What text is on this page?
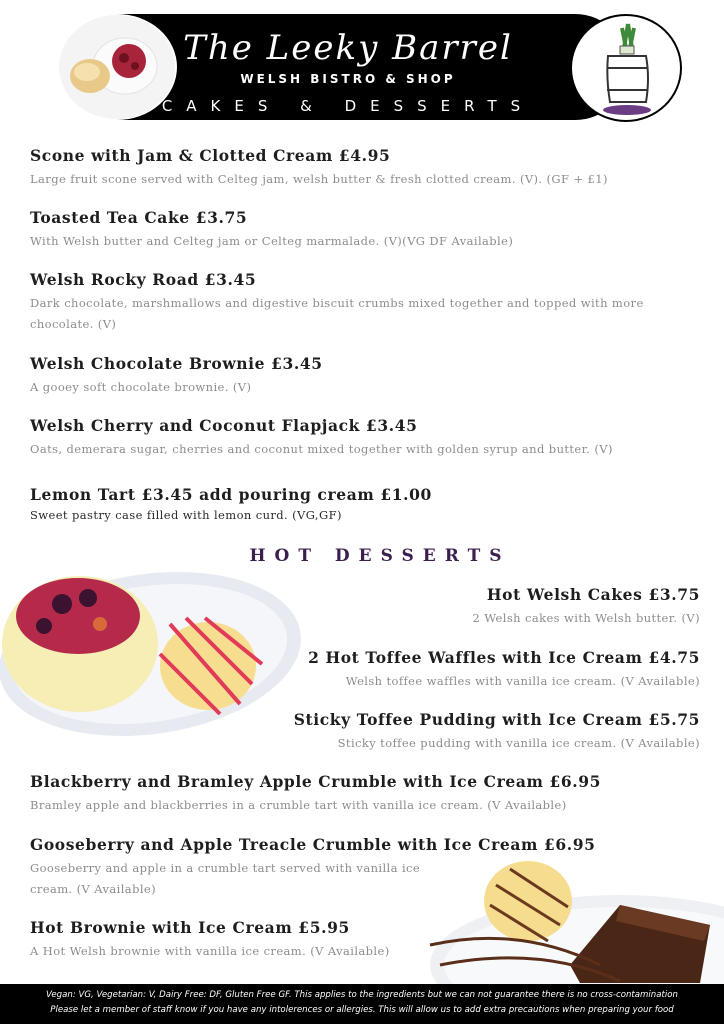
The Leeky Barrel
WELSH BISTRO & SHOP
CAKES & DESSERTS
Scone with Jam & Clotted Cream £4.95
Large fruit scone served with Celteg jam, welsh butter & fresh clotted cream. (V). (GF + £1)
Toasted Tea Cake £3.75
With Welsh butter and Celteg jam or Celteg marmalade. (V)(VG DF Available)
Welsh Rocky Road £3.45
Dark chocolate, marshmallows and digestive biscuit crumbs mixed together and topped with more chocolate. (V)
Welsh Chocolate Brownie £3.45
A gooey soft chocolate brownie. (V)
Welsh Cherry and Coconut Flapjack £3.45
Oats, demerara sugar, cherries and coconut mixed together with golden syrup and butter. (V)
Lemon Tart £3.45 add pouring cream £1.00
Sweet pastry case filled with lemon curd. (VG,GF)
HOT DESSERTS
Hot Welsh Cakes £3.75
2 Welsh cakes with Welsh butter. (V)
2 Hot Toffee Waffles with Ice Cream £4.75
Welsh toffee waffles with vanilla ice cream. (V Available)
Sticky Toffee Pudding with Ice Cream £5.75
Sticky toffee pudding with vanilla ice cream. (V Available)
Blackberry and Bramley Apple Crumble with Ice Cream £6.95
Bramley apple and blackberries in a crumble tart with vanilla ice cream. (V Available)
Gooseberry and Apple Treacle Crumble with Ice Cream £6.95
Gooseberry and apple in a crumble tart served with vanilla ice cream. (V Available)
Hot Brownie with Ice Cream £5.95
A Hot Welsh brownie with vanilla ice cream. (V Available)
Vegan: VG, Vegetarian: V, Dairy Free: DF, Gluten Free GF. This applies to the ingredients but we can not guarantee there is no cross-contamination
Please let a member of staff know if you have any intolerences or allergies. This will allow us to add extra precautions when preparing your food
